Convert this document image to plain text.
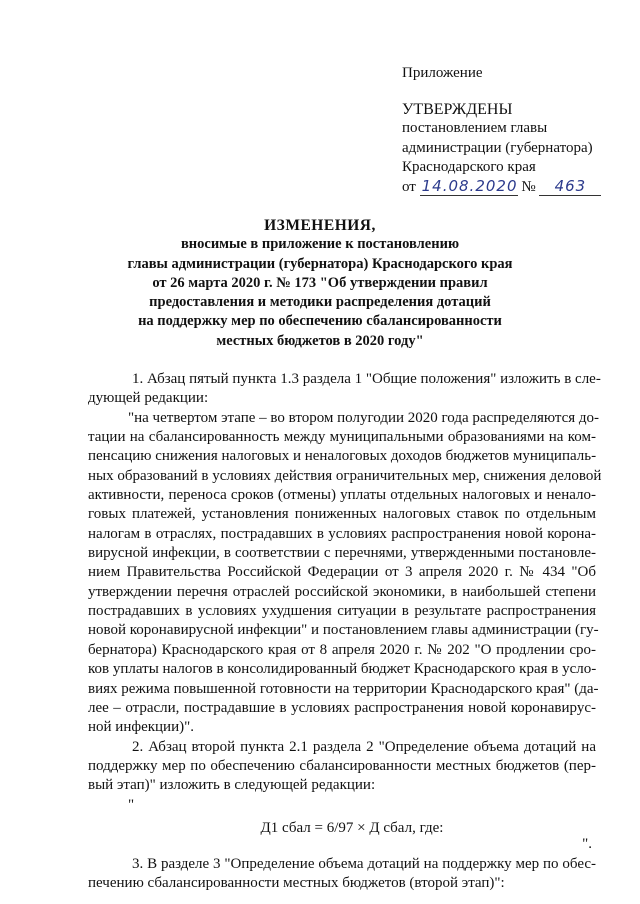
Приложение
УТВЕРЖДЕНЫ
постановлением главы
администрации (губернатора)
Краснодарского края
от 14.08.2020 № 463
ИЗМЕНЕНИЯ,
вносимые в приложение к постановлению
главы администрации (губернатора) Краснодарского края
от 26 марта 2020 г. № 173 "Об утверждении правил
предоставления и методики распределения дотаций
на поддержку мер по обеспечению сбалансированности
местных бюджетов в 2020 году"
1. Абзац пятый пункта 1.3 раздела 1 "Общие положения" изложить в сле-
дующей редакции:
"на четвертом этапе – во втором полугодии 2020 года распределяются до-
тации на сбалансированность между муниципальными образованиями на ком-
пенсацию снижения налоговых и неналоговых доходов бюджетов муниципаль-
ных образований в условиях действия ограничительных мер, снижения деловой
активности, переноса сроков (отмены) уплаты отдельных налоговых и ненало-
говых платежей, установления пониженных налоговых ставок по отдельным
налогам в отраслях, пострадавших в условиях распространения новой корона-
вирусной инфекции, в соответствии с перечнями, утвержденными постановле-
нием Правительства Российской Федерации от 3 апреля 2020 г. № 434 "Об
утверждении перечня отраслей российской экономики, в наибольшей степени
пострадавших в условиях ухудшения ситуации в результате распространения
новой коронавирусной инфекции" и постановлением главы администрации (гу-
бернатора) Краснодарского края от 8 апреля 2020 г. № 202 "О продлении сро-
ков уплаты налогов в консолидированный бюджет Краснодарского края в усло-
виях режима повышенной готовности на территории Краснодарского края" (да-
лее – отрасли, пострадавшие в условиях распространения новой коронавирус-
ной инфекции)".
2. Абзац второй пункта 2.1 раздела 2 "Определение объема дотаций на
поддержку мер по обеспечению сбалансированности местных бюджетов (пер-
вый этап)" изложить в следующей редакции:
"
Д1 сбал = 6/97 × Д сбал, где:
".
3. В разделе 3 "Определение объема дотаций на поддержку мер по обес-
печению сбалансированности местных бюджетов (второй этап)":
